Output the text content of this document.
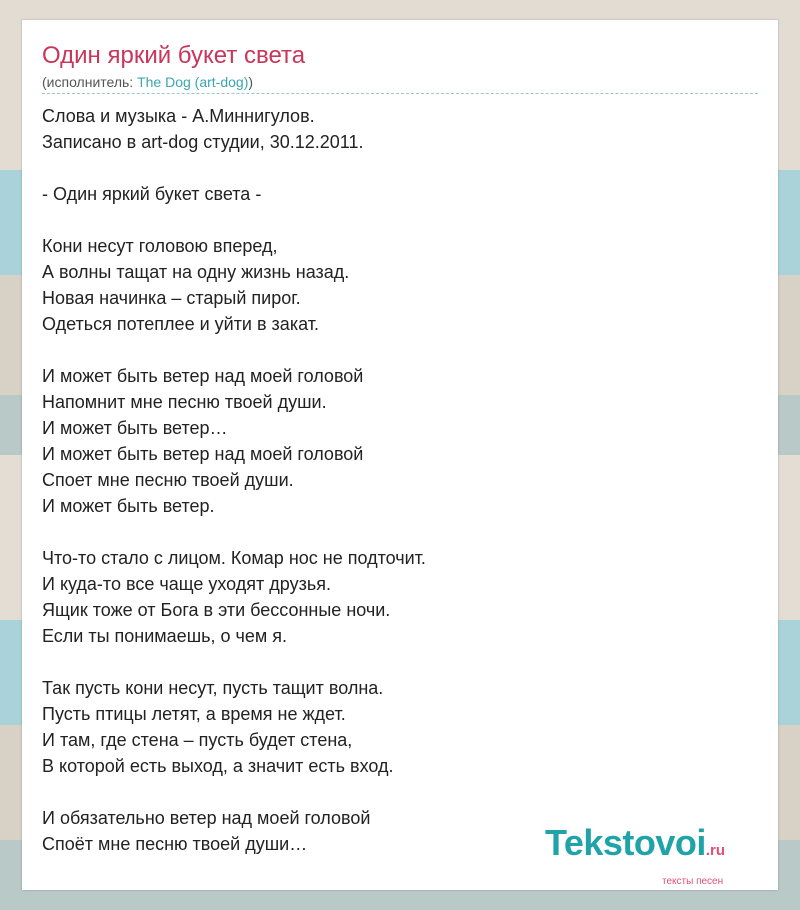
Один яркий букет света
(исполнитель: The Dog (art-dog))
Слова и музыка - А.Миннигулов.
Записано в art-dog студии, 30.12.2011.
- Один яркий букет света -
Кони несут головою вперед,
А волны тащат на одну жизнь назад.
Новая начинка – старый пирог.
Одеться потеплее и уйти в закат.
И может быть ветер над моей головой
Напомнит мне песню твоей души.
И может быть ветер…
И может быть ветер над моей головой
Споет мне песню твоей души.
И может быть ветер.
Что-то стало с лицом. Комар нос не подточит.
И куда-то все чаще уходят друзья.
Ящик тоже от Бога в эти бессонные ночи.
Если ты понимаешь, о чем я.
Так пусть кони несут, пусть тащит волна.
Пусть птицы летят, а время не ждет.
И там, где стена – пусть будет стена,
В которой есть выход, а значит есть вход.
И обязательно ветер над моей головой
Споёт мне песню твоей души…	Tekstovoi.ru
тексты песен
